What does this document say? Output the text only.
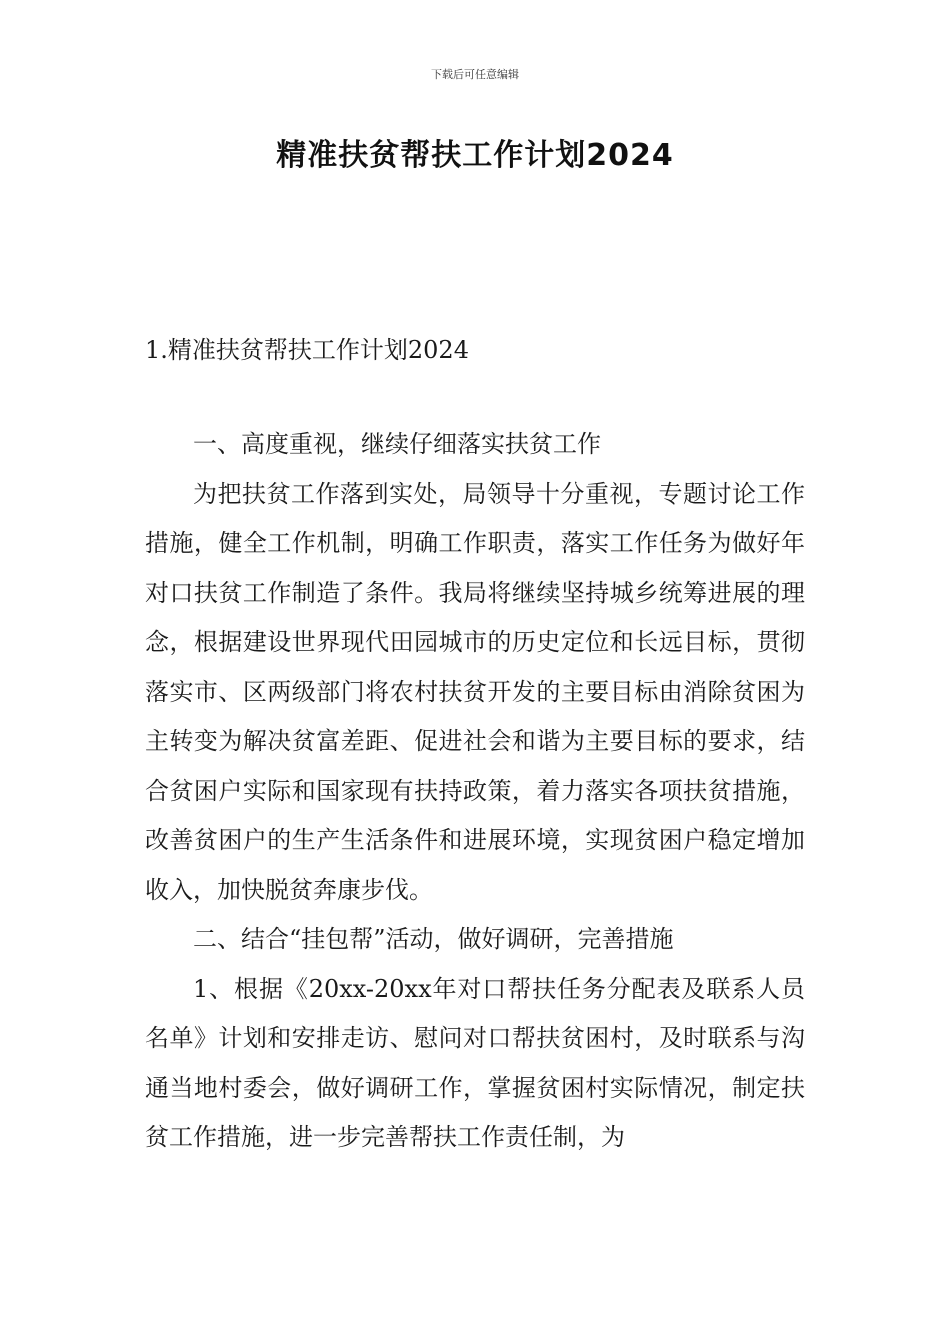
下载后可任意编辑
精准扶贫帮扶工作计划2024
1.精准扶贫帮扶工作计划2024

一、高度重视，继续仔细落实扶贫工作

为把扶贫工作落到实处，局领导十分重视，专题讨论工作措施，健全工作机制，明确工作职责，落实工作任务为做好年对口扶贫工作制造了条件。我局将继续坚持城乡统筹进展的理念，根据建设世界现代田园城市的历史定位和长远目标，贯彻落实市、区两级部门将农村扶贫开发的主要目标由消除贫困为主转变为解决贫富差距、促进社会和谐为主要目标的要求，结合贫困户实际和国家现有扶持政策，着力落实各项扶贫措施，改善贫困户的生产生活条件和进展环境，实现贫困户稳定增加收入，加快脱贫奔康步伐。

二、结合“挂包帮”活动，做好调研，完善措施

1、根据《20xx-20xx年对口帮扶任务分配表及联系人员名单》计划和安排走访、慰问对口帮扶贫困村，及时联系与沟通当地村委会，做好调研工作，掌握贫困村实际情况，制定扶贫工作措施，进一步完善帮扶工作责任制，为
